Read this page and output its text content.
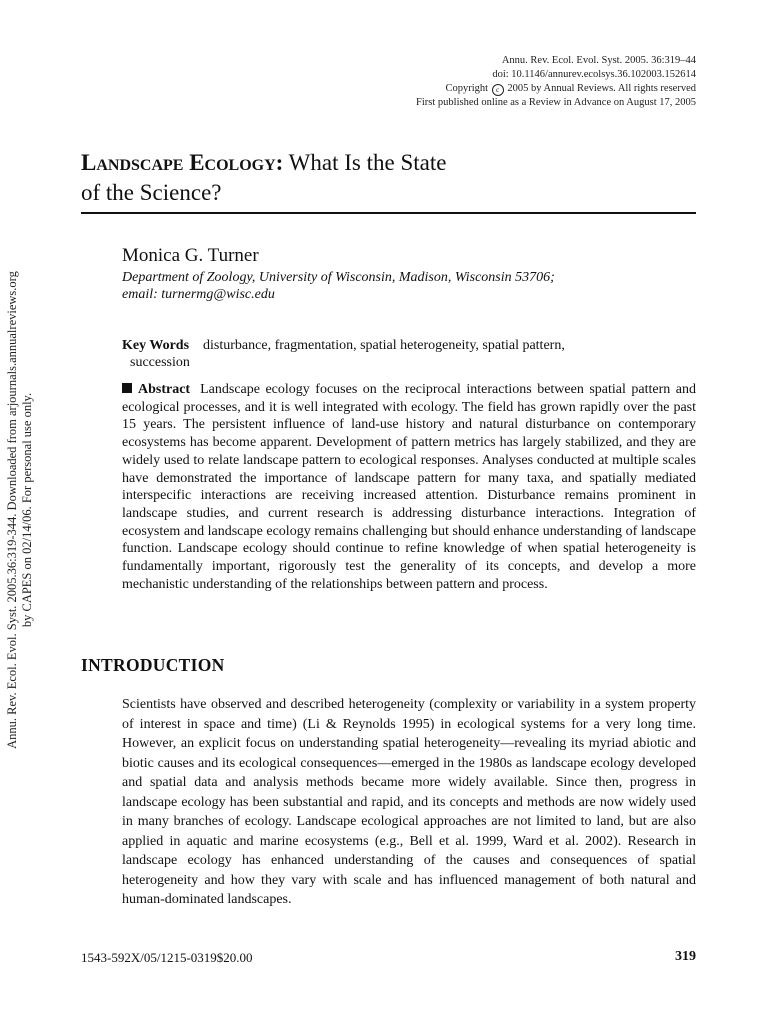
Annu. Rev. Ecol. Evol. Syst. 2005. 36:319–44
doi: 10.1146/annurev.ecolsys.36.102003.152614
Copyright c 2005 by Annual Reviews. All rights reserved
First published online as a Review in Advance on August 17, 2005
Landscape Ecology: What Is the State
of the Science?
Annu. Rev. Ecol. Evol. Syst. 2005.36:319-344. Downloaded from arjournals.annualreviews.org by CAPES on 02/14/06. For personal use only.
Monica G. Turner
Department of Zoology, University of Wisconsin, Madison, Wisconsin 53706;
email: turnermg@wisc.edu
Key Words disturbance, fragmentation, spatial heterogeneity, spatial pattern,
succession
Abstract Landscape ecology focuses on the reciprocal interactions between spatial pattern and ecological processes, and it is well integrated with ecology. The field has grown rapidly over the past 15 years. The persistent influence of land-use history and natural disturbance on contemporary ecosystems has become apparent. Development of pattern metrics has largely stabilized, and they are widely used to relate landscape pattern to ecological responses. Analyses conducted at multiple scales have demonstrated the importance of landscape pattern for many taxa, and spatially mediated interspecific interactions are receiving increased attention. Disturbance remains prominent in landscape studies, and current research is addressing disturbance interactions. Integration of ecosystem and landscape ecology remains challenging but should enhance understanding of landscape function. Landscape ecology should continue to refine knowledge of when spatial heterogeneity is fundamentally important, rigorously test the generality of its concepts, and develop a more mechanistic understanding of the relationships between pattern and process.
INTRODUCTION
Scientists have observed and described heterogeneity (complexity or variability in a system property of interest in space and time) (Li & Reynolds 1995) in ecological systems for a very long time. However, an explicit focus on understanding spatial heterogeneity—revealing its myriad abiotic and biotic causes and its ecological consequences—emerged in the 1980s as landscape ecology developed and spatial data and analysis methods became more widely available. Since then, progress in landscape ecology has been substantial and rapid, and its concepts and methods are now widely used in many branches of ecology. Landscape ecological approaches are not limited to land, but are also applied in aquatic and marine ecosystems (e.g., Bell et al. 1999, Ward et al. 2002). Research in landscape ecology has enhanced understanding of the causes and consequences of spatial heterogeneity and how they vary with scale and has influenced management of both natural and human-dominated landscapes.
1543-592X/05/1215-0319$20.00	319
